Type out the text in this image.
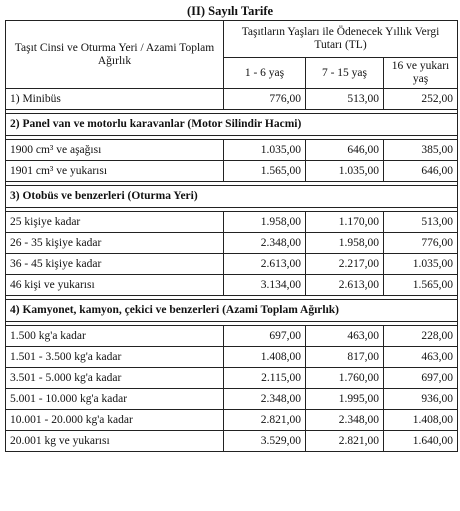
(II) Sayılı Tarife
Taşıt Cinsi ve Oturma Yeri / Azami Toplam Ağırlık	Taşıtların Yaşları ile Ödenecek Yıllık Vergi Tutarı (TL)		
	1 - 6 yaş	7 - 15 yaş	16 ve yukarı yaş
1) Minibüs	776,00	513,00	252,00

2) Panel van ve motorlu karavanlar (Motor Silindir Hacmi)			

1900 cm³ ve aşağısı	1.035,00	646,00	385,00
1901 cm³ ve yukarısı	1.565,00	1.035,00	646,00

3) Otobüs ve benzerleri (Oturma Yeri)			

25 kişiye kadar	1.958,00	1.170,00	513,00
26 - 35 kişiye kadar	2.348,00	1.958,00	776,00
36 - 45 kişiye kadar	2.613,00	2.217,00	1.035,00
46 kişi ve yukarısı	3.134,00	2.613,00	1.565,00

4) Kamyonet, kamyon, çekici ve benzerleri (Azami Toplam Ağırlık)			

1.500 kg'a kadar	697,00	463,00	228,00
1.501 - 3.500 kg'a kadar	1.408,00	817,00	463,00
3.501 - 5.000 kg'a kadar	2.115,00	1.760,00	697,00
5.001 - 10.000 kg'a kadar	2.348,00	1.995,00	936,00
10.001 - 20.000 kg'a kadar	2.821,00	2.348,00	1.408,00
20.001 kg ve yukarısı	3.529,00	2.821,00	1.640,00
